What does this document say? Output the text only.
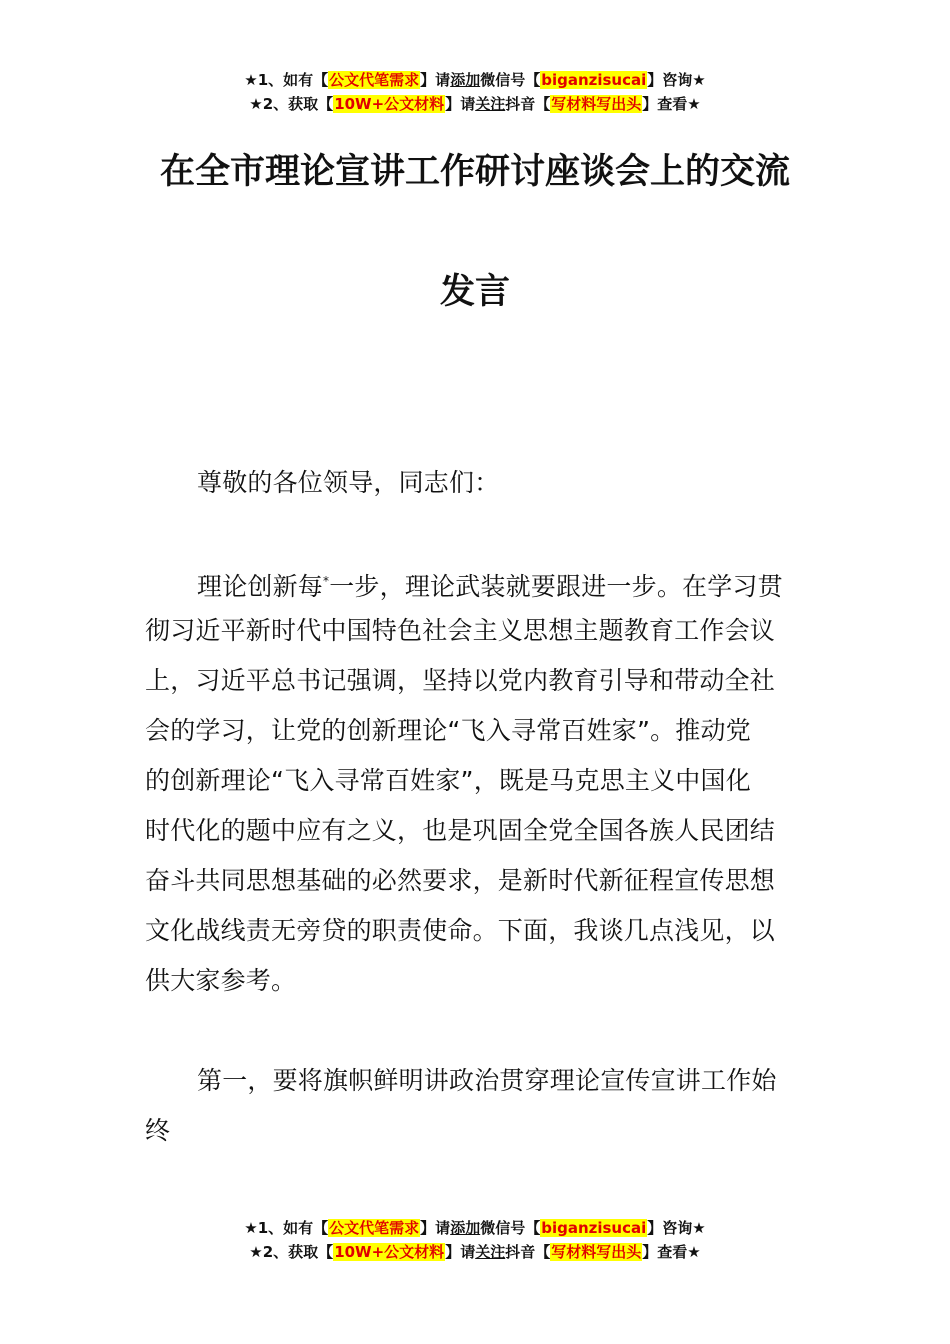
★1、如有【公文代笔需求】请添加微信号【biganzisucai】咨询★
★2、获取【10W+公文材料】请关注抖音【写材料写出头】查看★
在全市理论宣讲工作研讨座谈会上的交流
发言
尊敬的各位领导，同志们：
理论创新每*一步，理论武装就要跟进一步。在学习贯
彻习近平新时代中国特色社会主义思想主题教育工作会议
上，习近平总书记强调，坚持以党内教育引导和带动全社
会的学习，让党的创新理论“飞入寻常百姓家”。推动党
的创新理论“飞入寻常百姓家”，既是马克思主义中国化
时代化的题中应有之义，也是巩固全党全国各族人民团结
奋斗共同思想基础的必然要求，是新时代新征程宣传思想
文化战线责无旁贷的职责使命。下面，我谈几点浅见，以
供大家参考。
第一，要将旗帜鲜明讲政治贯穿理论宣传宣讲工作始
终
★1、如有【公文代笔需求】请添加微信号【biganzisucai】咨询★
★2、获取【10W+公文材料】请关注抖音【写材料写出头】查看★
